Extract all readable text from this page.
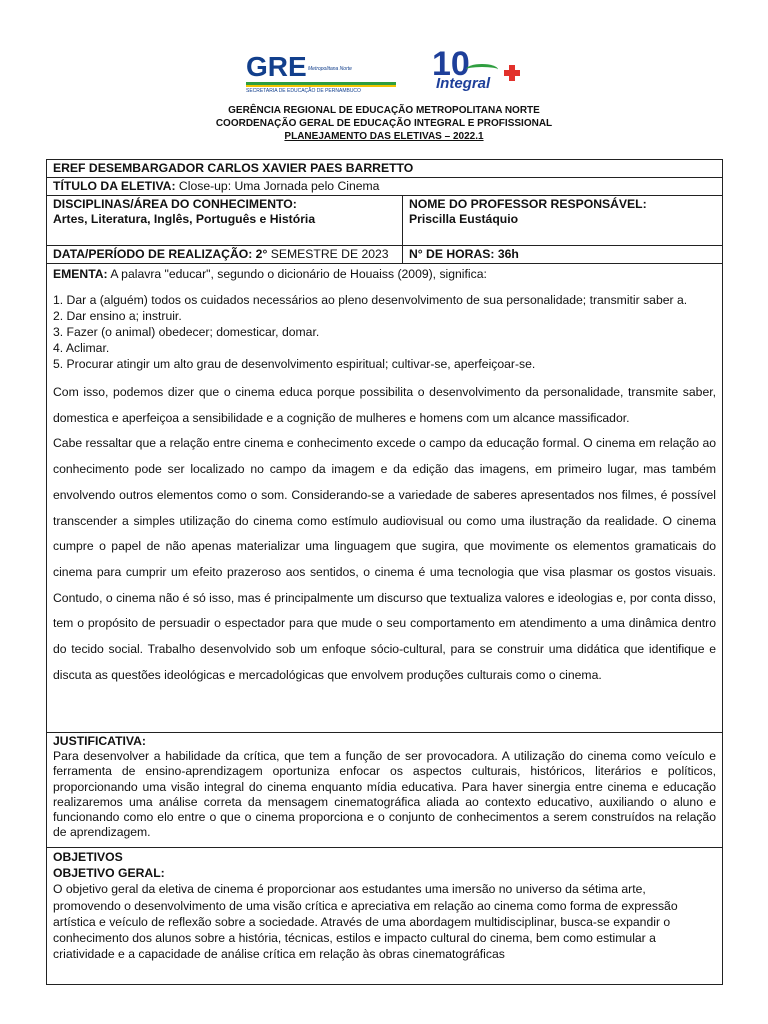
GRE Metropolitana Norte
SECRETARIA DE EDUCAÇÃO DE PERNAMBUCO
10
Integral
GERÊNCIA REGIONAL DE EDUCAÇÃO METROPOLITANA NORTE
COORDENAÇÃO GERAL DE EDUCAÇÃO INTEGRAL E PROFISSIONAL
PLANEJAMENTO DAS ELETIVAS – 2022.1
EREF DESEMBARGADOR CARLOS XAVIER PAES BARRETTO
TÍTULO DA ELETIVA: Close-up: Uma Jornada pelo Cinema
DISCIPLINAS/ÁREA DO CONHECIMENTO:
Artes, Literatura, Inglês, Português e História
NOME DO PROFESSOR RESPONSÁVEL:
Priscilla Eustáquio
DATA/PERÍODO DE REALIZAÇÃO: 2° SEMESTRE DE 2023	N° DE HORAS: 36h
EMENTA: A palavra "educar", segundo o dicionário de Houaiss (2009), significa:
1. Dar a (alguém) todos os cuidados necessários ao pleno desenvolvimento de sua personalidade; transmitir saber a.
2. Dar ensino a; instruir.
3. Fazer (o animal) obedecer; domesticar, domar.
4. Aclimar.
5. Procurar atingir um alto grau de desenvolvimento espiritual; cultivar-se, aperfeiçoar-se.
Com isso, podemos dizer que o cinema educa porque possibilita o desenvolvimento da personalidade, transmite saber, domestica e aperfeiçoa a sensibilidade e a cognição de mulheres e homens com um alcance massificador.
Cabe ressaltar que a relação entre cinema e conhecimento excede o campo da educação formal. O cinema em relação ao conhecimento pode ser localizado no campo da imagem e da edição das imagens, em primeiro lugar, mas também envolvendo outros elementos como o som. Considerando-se a variedade de saberes apresentados nos filmes, é possível transcender a simples utilização do cinema como estímulo audiovisual ou como uma ilustração da realidade. O cinema cumpre o papel de não apenas materializar uma linguagem que sugira, que movimente os elementos gramaticais do cinema para cumprir um efeito prazeroso aos sentidos, o cinema é uma tecnologia que visa plasmar os gostos visuais. Contudo, o cinema não é só isso, mas é principalmente um discurso que textualiza valores e ideologias e, por conta disso, tem o propósito de persuadir o espectador para que mude o seu comportamento em atendimento a uma dinâmica dentro do tecido social. Trabalho desenvolvido sob um enfoque sócio-cultural, para se construir uma didática que identifique e discuta as questões ideológicas e mercadológicas que envolvem produções culturais como o cinema.
JUSTIFICATIVA:
Para desenvolver a habilidade da crítica, que tem a função de ser provocadora. A utilização do cinema como veículo e ferramenta de ensino-aprendizagem oportuniza enfocar os aspectos culturais, históricos, literários e políticos, proporcionando uma visão integral do cinema enquanto mídia educativa. Para haver sinergia entre cinema e educação realizaremos uma análise correta da mensagem cinematográfica aliada ao contexto educativo, auxiliando o aluno e funcionando como elo entre o que o cinema proporciona e o conjunto de conhecimentos a serem construídos na relação de aprendizagem.
OBJETIVOS
OBJETIVO GERAL:
O objetivo geral da eletiva de cinema é proporcionar aos estudantes uma imersão no universo da sétima arte, promovendo o desenvolvimento de uma visão crítica e apreciativa em relação ao cinema como forma de expressão artística e veículo de reflexão sobre a sociedade. Através de uma abordagem multidisciplinar, busca-se expandir o conhecimento dos alunos sobre a história, técnicas, estilos e impacto cultural do cinema, bem como estimular a criatividade e a capacidade de análise crítica em relação às obras cinematográficas
